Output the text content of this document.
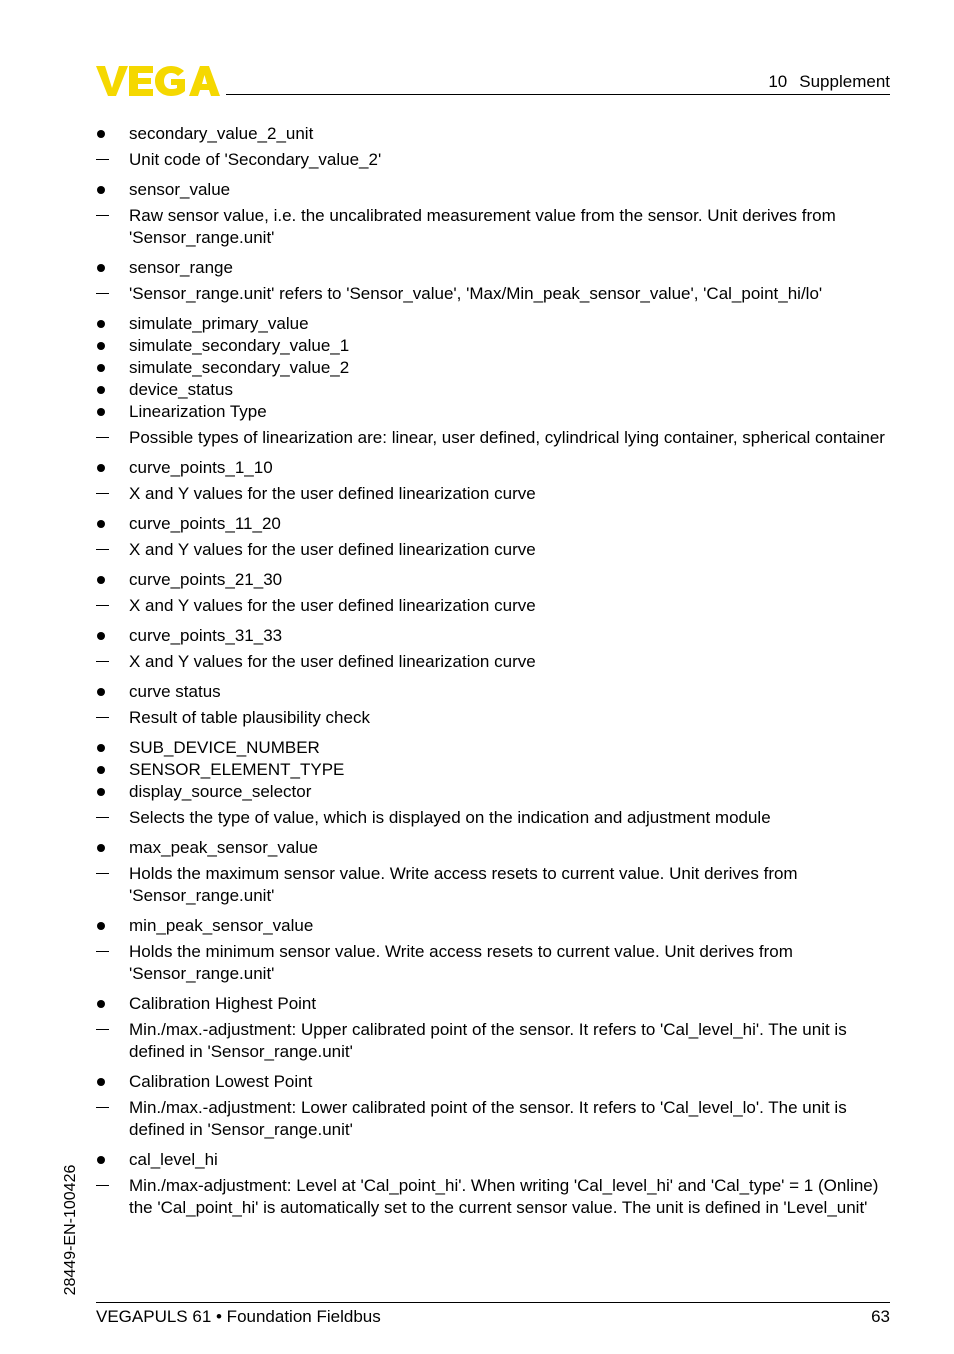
10 Supplement
secondary_value_2_unit
Unit code of 'Secondary_value_2'
sensor_value
Raw sensor value, i.e. the uncalibrated measurement value from the sensor. Unit derives from 'Sensor_range.unit'
sensor_range
'Sensor_range.unit' refers to 'Sensor_value', 'Max/Min_peak_sensor_value', 'Cal_point_hi/lo'
simulate_primary_value
simulate_secondary_value_1
simulate_secondary_value_2
device_status
Linearization Type
Possible types of linearization are: linear, user defined, cylindrical lying container, spherical container
curve_points_1_10
X and Y values for the user defined linearization curve
curve_points_11_20
X and Y values for the user defined linearization curve
curve_points_21_30
X and Y values for the user defined linearization curve
curve_points_31_33
X and Y values for the user defined linearization curve
curve status
Result of table plausibility check
SUB_DEVICE_NUMBER
SENSOR_ELEMENT_TYPE
display_source_selector
Selects the type of value, which is displayed on the indication and adjustment module
max_peak_sensor_value
Holds the maximum sensor value. Write access resets to current value. Unit derives from 'Sensor_range.unit'
min_peak_sensor_value
Holds the minimum sensor value. Write access resets to current value. Unit derives from 'Sensor_range.unit'
Calibration Highest Point
Min./max.-adjustment: Upper calibrated point of the sensor. It refers to 'Cal_level_hi'. The unit is defined in 'Sensor_range.unit'
Calibration Lowest Point
Min./max.-adjustment: Lower calibrated point of the sensor. It refers to 'Cal_level_lo'. The unit is defined in 'Sensor_range.unit'
cal_level_hi
Min./max-adjustment: Level at 'Cal_point_hi'. When writing 'Cal_level_hi' and 'Cal_type' = 1 (Online) the 'Cal_point_hi' is automatically set to the current sensor value. The unit is defined in 'Level_unit'
28449-EN-100426
VEGAPULS 61 • Foundation Fieldbus	63
